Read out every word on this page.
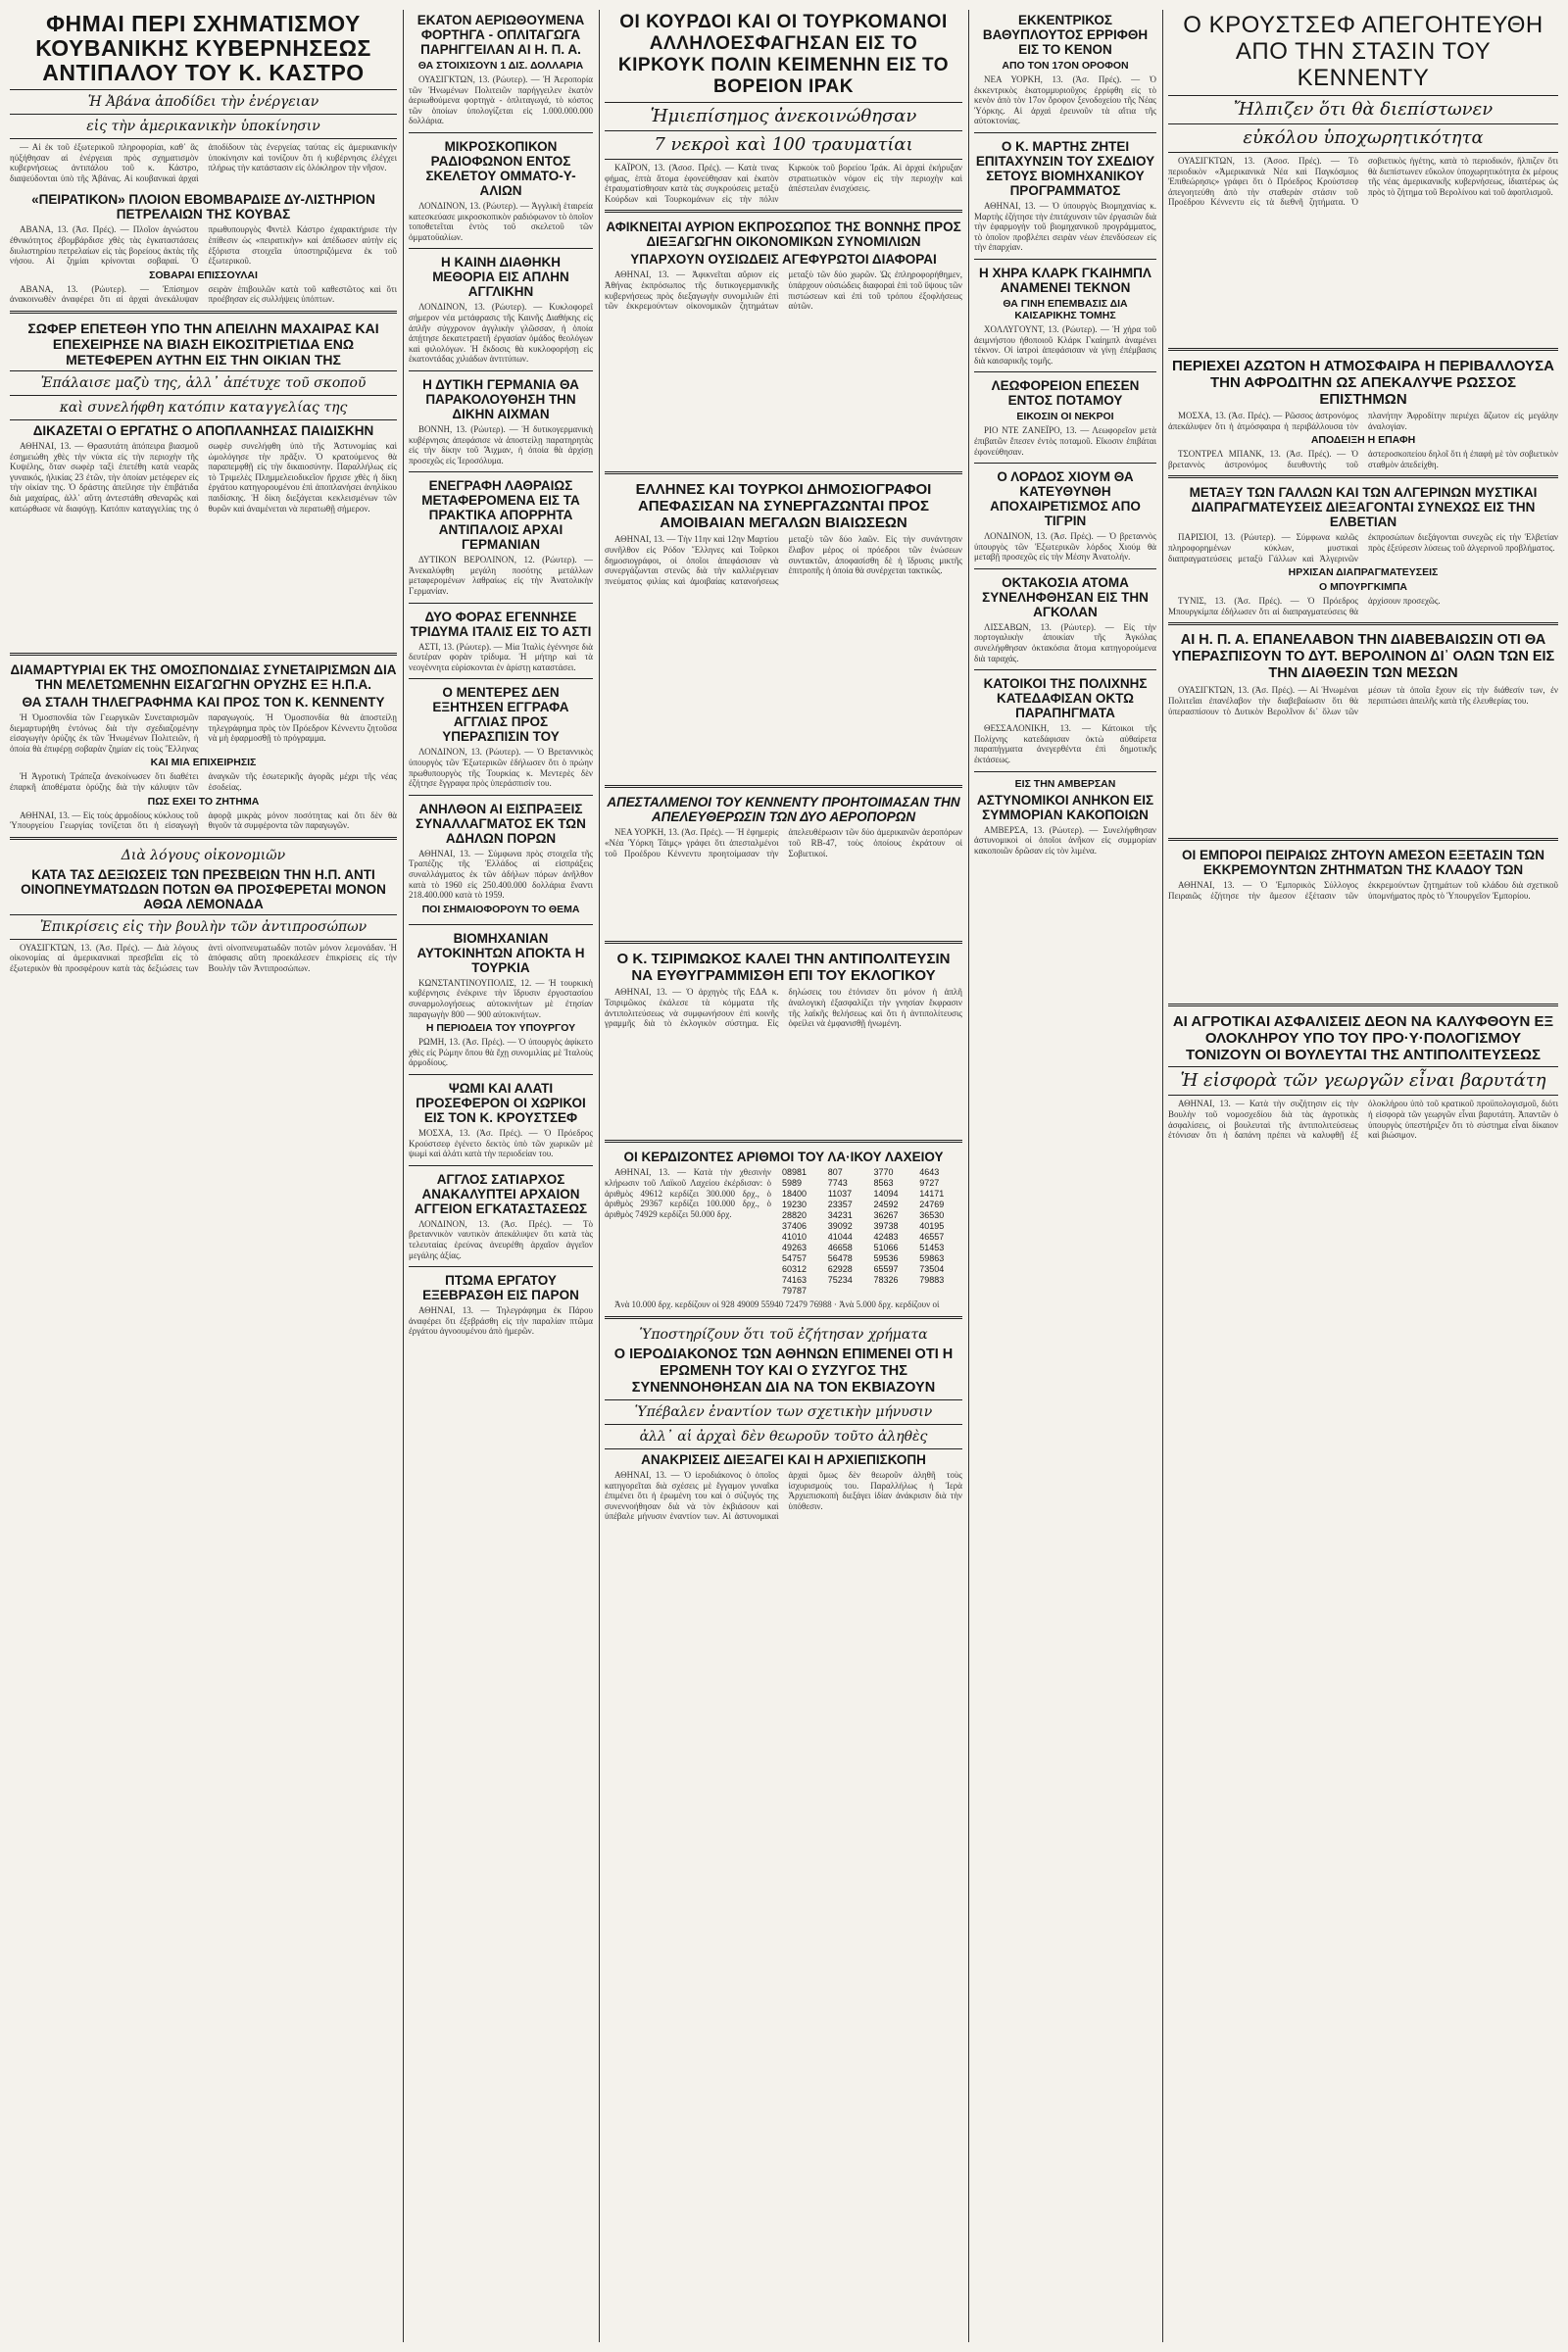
ΦΗΜΑΙ ΠΕΡΙ ΣΧΗΜΑΤΙΣΜΟΥ ΚΟΥΒΑΝΙΚΗΣ ΚΥΒΕΡΝΗΣΕΩΣ ΑΝΤΙΠΑΛΟΥ ΤΟΥ Κ. ΚΑΣΤΡΟ
Ἡ Ἀβάνα ἀποδίδει τὴν ἐνέργειαν
εἰς τὴν ἀμερικανικὴν ὑποκίνησιν
— Αἱ ἐκ τοῦ ἐξωτερικοῦ πληροφορίαι, καθ᾽ ἃς ηὐξήθησαν αἱ ἐνέργειαι πρὸς σχηματισμὸν κυβερνήσεως ἀντιπάλου τοῦ κ. Κάστρο, διαψεύδονται ὑπὸ τῆς Ἀβάνας. Αἱ κουβανικαὶ ἀρχαὶ ἀποδίδουν τὰς ἐνεργείας ταύτας εἰς ἀμερικανικὴν ὑποκίνησιν καὶ τονίζουν ὅτι ἡ κυβέρνησις ἐλέγχει πλήρως τὴν κατάστασιν εἰς ὁλόκληρον τὴν νῆσον.
«ΠΕΙΡΑΤΙΚΟΝ» ΠΛΟΙΟΝ ΕΒΟΜΒΑΡΔΙΣΕ ΔΥ-ΛΙΣΤΗΡΙΟΝ ΠΕΤΡΕΛΑΙΩΝ ΤΗΣ ΚΟΥΒΑΣ
ΑΒΑΝΑ, 13. (Ἀσ. Πρές). — Πλοῖον ἀγνώστου ἐθνικότητος ἐβομβάρδισε χθὲς τὰς ἐγκαταστάσεις διυλιστηρίου πετρελαίων εἰς τὰς βορείους ἀκτὰς τῆς νήσου. Αἱ ζημίαι κρίνονται σοβαραί. Ὁ πρωθυπουργὸς Φιντὲλ Κάστρο ἐχαρακτήρισε τὴν ἐπίθεσιν ὡς «πειρατικὴν» καὶ ἀπέδωσεν αὐτὴν εἰς ἐξόριστα στοιχεῖα ὑποστηριζόμενα ἐκ τοῦ ἐξωτερικοῦ.
ΣΟΒΑΡΑΙ ΕΠΙΣΣΟΥΛΑΙ
ΑΒΑΝΑ, 13. (Ρώυτερ). — Ἐπίσημον ἀνακοινωθὲν ἀναφέρει ὅτι αἱ ἀρχαὶ ἀνεκάλυψαν σειρὰν ἐπιβουλῶν κατὰ τοῦ καθεστῶτος καὶ ὅτι προέβησαν εἰς συλλήψεις ὑπόπτων.
ΣΩΦΕΡ ΕΠΕΤΕΘΗ ΥΠΟ ΤΗΝ ΑΠΕΙΛΗΝ ΜΑΧΑΙΡΑΣ ΚΑΙ ΕΠΕΧΕΙΡΗΣΕ ΝΑ ΒΙΑΣΗ ΕΙΚΟΣΙΤΡΙΕΤΙΔΑ ΕΝΩ ΜΕΤΕΦΕΡΕΝ ΑΥΤΗΝ ΕΙΣ ΤΗΝ ΟΙΚΙΑΝ ΤΗΣ
Ἐπάλαισε μαζὺ της, ἀλλ᾽ ἀπέτυχε τοῦ σκοποῦ
καὶ συνελήφθη κατόπιν καταγγελίας της
ΔΙΚΑΖΕΤΑΙ Ο ΕΡΓΑΤΗΣ Ο ΑΠΟΠΛΑΝΗΣΑΣ ΠΑΙΔΙΣΚΗΝ
ΑΘΗΝΑΙ, 13. — Θρασυτάτη ἀπόπειρα βιασμοῦ ἐσημειώθη χθὲς τὴν νύκτα εἰς τὴν περιοχὴν τῆς Κυψέλης, ὅταν σωφὲρ ταξὶ ἐπετέθη κατὰ νεαρᾶς γυναικός, ἡλικίας 23 ἐτῶν, τὴν ὁποίαν μετέφερεν εἰς τὴν οἰκίαν της. Ὁ δράστης ἀπείλησε τὴν ἐπιβάτιδα διὰ μαχαίρας, ἀλλ᾽ αὕτη ἀντεστάθη σθεναρῶς καὶ κατώρθωσε νὰ διαφύγῃ. Κατόπιν καταγγελίας της ὁ σωφὲρ συνελήφθη ὑπὸ τῆς Ἀστυνομίας καὶ ὡμολόγησε τὴν πρᾶξιν. Ὁ κρατούμενος θὰ παραπεμφθῇ εἰς τὴν δικαιοσύνην. Παραλλήλως εἰς τὸ Τριμελὲς Πλημμελειοδικεῖον ἤρχισε χθὲς ἡ δίκη ἐργάτου κατηγορουμένου ἐπὶ ἀποπλανήσει ἀνηλίκου παιδίσκης. Ἡ δίκη διεξάγεται κεκλεισμένων τῶν θυρῶν καὶ ἀναμένεται νὰ περατωθῇ σήμερον.
ΔΙΑΜΑΡΤΥΡΙΑΙ ΕΚ ΤΗΣ ΟΜΟΣΠΟΝΔΙΑΣ ΣΥΝΕΤΑΙΡΙΣΜΩΝ ΔΙΑ ΤΗΝ ΜΕΛΕΤΩΜΕΝΗΝ ΕΙΣΑΓΩΓΗΝ ΟΡΥΖΗΣ ΕΞ Η.Π.Α.
ΘΑ ΣΤΑΛΗ ΤΗΛΕΓΡΑΦΗΜΑ ΚΑΙ ΠΡΟΣ ΤΟΝ Κ. ΚΕΝΝΕΝΤΥ
Ἡ Ὁμοσπονδία τῶν Γεωργικῶν Συνεταιρισμῶν διεμαρτυρήθη ἐντόνως διὰ τὴν σχεδιαζομένην εἰσαγωγὴν ὀρύζης ἐκ τῶν Ἡνωμένων Πολιτειῶν, ἡ ὁποία θὰ ἐπιφέρῃ σοβαρὰν ζημίαν εἰς τοὺς Ἕλληνας παραγωγούς. Ἡ Ὁμοσπονδία θὰ ἀποστείλῃ τηλεγράφημα πρὸς τὸν Πρόεδρον Κέννεντυ ζητοῦσα νὰ μὴ ἐφαρμοσθῇ τὸ πρόγραμμα.
ΚΑΙ ΜΙΑ ΕΠΙΧΕΙΡΗΣΙΣ
Ἡ Ἀγροτικὴ Τράπεζα ἀνεκοίνωσεν ὅτι διαθέτει ἐπαρκῆ ἀποθέματα ὀρύζης διὰ τὴν κάλυψιν τῶν ἀναγκῶν τῆς ἐσωτερικῆς ἀγορᾶς μέχρι τῆς νέας ἐσοδείας.
ΠΩΣ ΕΧΕΙ ΤΟ ΖΗΤΗΜΑ
ΑΘΗΝΑΙ, 13. — Εἰς τοὺς ἁρμοδίους κύκλους τοῦ Ὑπουργείου Γεωργίας τονίζεται ὅτι ἡ εἰσαγωγὴ ἀφορᾷ μικρὰς μόνον ποσότητας καὶ ὅτι δὲν θὰ θιγοῦν τὰ συμφέροντα τῶν παραγωγῶν.
Διὰ λόγους οἰκονομιῶν
ΚΑΤΑ ΤΑΣ ΔΕΞΙΩΣΕΙΣ ΤΩΝ ΠΡΕΣΒΕΙΩΝ ΤΗΝ Η.Π. ΑΝΤΙ ΟΙΝΟΠΝΕΥΜΑΤΩΔΩΝ ΠΟΤΩΝ ΘΑ ΠΡΟΣΦΕΡΕΤΑΙ ΜΟΝΟΝ ΑΘΩΑ ΛΕΜΟΝΑΔΑ
Ἐπικρίσεις εἰς τὴν βουλὴν τῶν ἀντιπροσώπων
ΟΥΑΣΙΓΚΤΩΝ, 13. (Ἀσ. Πρές). — Διὰ λόγους οἰκονομίας αἱ ἀμερικανικαὶ πρεσβεῖαι εἰς τὸ ἐξωτερικὸν θὰ προσφέρουν κατὰ τὰς δεξιώσεις των ἀντὶ οἰνοπνευματωδῶν ποτῶν μόνον λεμονάδαν. Ἡ ἀπόφασις αὕτη προεκάλεσεν ἐπικρίσεις εἰς τὴν Βουλὴν τῶν Ἀντιπροσώπων.
ΕΚΑΤΟΝ ΑΕΡΙΩΘΟΥΜΕΝΑ ΦΟΡΤΗΓΑ - ΟΠΛΙΤΑΓΩΓΑ ΠΑΡΗΓΓΕΙΛΑΝ ΑΙ Η. Π. Α.
ΘΑ ΣΤΟΙΧΙΣΟΥΝ 1 ΔΙΣ. ΔΟΛΛΑΡΙΑ
ΟΥΑΣΙΓΚΤΩΝ, 13. (Ρώυτερ). — Ἡ Ἀεροπορία τῶν Ἡνωμένων Πολιτειῶν παρήγγειλεν ἑκατὸν ἀεριωθούμενα φορτηγὰ - ὁπλιταγωγά, τὸ κόστος τῶν ὁποίων ὑπολογίζεται εἰς 1.000.000.000 δολλάρια.
ΜΙΚΡΟΣΚΟΠΙΚΟΝ ΡΑΔΙΟΦΩΝΟΝ ΕΝΤΟΣ ΣΚΕΛΕΤΟΥ ΟΜΜΑΤΟ-Υ-ΑΛΙΩΝ
ΛΟΝΔΙΝΟΝ, 13. (Ρώυτερ). — Ἀγγλικὴ ἑταιρεία κατεσκεύασε μικροσκοπικὸν ραδιόφωνον τὸ ὁποῖον τοποθετεῖται ἐντὸς τοῦ σκελετοῦ τῶν ὀμματοϋαλίων.
Η ΚΑΙΝΗ ΔΙΑΘΗΚΗ ΜΕΘΟΡΙΑ ΕΙΣ ΑΠΛΗΝ ΑΓΓΛΙΚΗΝ
ΛΟΝΔΙΝΟΝ, 13. (Ρώυτερ). — Κυκλοφορεῖ σήμερον νέα μετάφρασις τῆς Καινῆς Διαθήκης εἰς ἁπλῆν σύγχρονον ἀγγλικὴν γλῶσσαν, ἡ ὁποία ἀπῄτησε δεκατετραετῆ ἐργασίαν ὁμάδος θεολόγων καὶ φιλολόγων. Ἡ ἔκδοσις θὰ κυκλοφορήσῃ εἰς ἑκατοντάδας χιλιάδων ἀντιτύπων.
Η ΔΥΤΙΚΗ ΓΕΡΜΑΝΙΑ ΘΑ ΠΑΡΑΚΟΛΟΥΘΗΣΗ ΤΗΝ ΔΙΚΗΝ ΑΙΧΜΑΝ
ΒΟΝΝΗ, 13. (Ρώυτερ). — Ἡ δυτικογερμανικὴ κυβέρνησις ἀπεφάσισε νὰ ἀποστείλῃ παρατηρητὰς εἰς τὴν δίκην τοῦ Ἄιχμαν, ἡ ὁποία θὰ ἀρχίσῃ προσεχῶς εἰς Ἱεροσόλυμα.
ΕΝΕΓΡΑΦΗ ΛΑΘΡΑΙΩΣ ΜΕΤΑΦΕΡΟΜΕΝΑ ΕΙΣ ΤΑ ΠΡΑΚΤΙΚΑ ΑΠΟΡΡΗΤΑ ΑΝΤΙΠΑΛΟΙΣ ΑΡΧΑΙ ΓΕΡΜΑΝΙΑΝ
ΔΥΤΙΚΟΝ ΒΕΡΟΛΙΝΟΝ, 12. (Ρώυτερ). — Ἀνεκαλύφθη μεγάλη ποσότης μετάλλων μεταφερομένων λαθραίως εἰς τὴν Ἀνατολικὴν Γερμανίαν.
ΔΥΟ ΦΟΡΑΣ ΕΓΕΝΝΗΣΕ ΤΡΙΔΥΜΑ ΙΤΑΛΙΣ ΕΙΣ ΤΟ ΑΣΤΙ
ΑΣΤΙ, 13. (Ρώυτερ). — Μία Ἰταλὶς ἐγέννησε διὰ δευτέραν φορὰν τρίδυμα. Ἡ μήτηρ καὶ τὰ νεογέννητα εὑρίσκονται ἐν ἀρίστῃ καταστάσει.
Ο ΜΕΝΤΕΡΕΣ ΔΕΝ ΕΞΗΤΗΣΕΝ ΕΓΓΡΑΦΑ ΑΓΓΛΙΑΣ ΠΡΟΣ ΥΠΕΡΑΣΠΙΣΙΝ ΤΟΥ
ΛΟΝΔΙΝΟΝ, 13. (Ρώυτερ). — Ὁ Βρεταννικὸς ὑπουργὸς τῶν Ἐξωτερικῶν ἐδήλωσεν ὅτι ὁ πρώην πρωθυπουργὸς τῆς Τουρκίας κ. Μεντερὲς δὲν ἐζήτησε ἔγγραφα πρὸς ὑπεράσπισίν του.
ΑΝΗΛΘΟΝ ΑΙ ΕΙΣΠΡΑΞΕΙΣ ΣΥΝΑΛΛΑΓΜΑΤΟΣ ΕΚ ΤΩΝ ΑΔΗΛΩΝ ΠΟΡΩΝ
ΑΘΗΝΑΙ, 13. — Σύμφωνα πρὸς στοιχεῖα τῆς Τραπέζης τῆς Ἑλλάδος αἱ εἰσπράξεις συναλλάγματος ἐκ τῶν ἀδήλων πόρων ἀνῆλθον κατὰ τὸ 1960 εἰς 250.400.000 δολλάρια ἔναντι 218.400.000 κατὰ τὸ 1959.
ΠΟΙ ΣΗΜΑΙΟΦΟΡΟΥΝ ΤΟ ΘΕΜΑ
ΒΙΟΜΗΧΑΝΙΑΝ ΑΥΤΟΚΙΝΗΤΩΝ ΑΠΟΚΤΑ Η ΤΟΥΡΚΙΑ
ΚΩΝΣΤΑΝΤΙΝΟΥΠΟΛΙΣ, 12. — Ἡ τουρκικὴ κυβέρνησις ἐνέκρινε τὴν ἵδρυσιν ἐργοστασίου συναρμολογήσεως αὐτοκινήτων μὲ ἐτησίαν παραγωγὴν 800 — 900 αὐτοκινήτων.
Η ΠΕΡΙΟΔΕΙΑ ΤΟΥ ΥΠΟΥΡΓΟΥ
ΡΩΜΗ, 13. (Ἀσ. Πρές). — Ὁ ὑπουργὸς ἀφίκετο χθὲς εἰς Ρώμην ὅπου θὰ ἔχῃ συνομιλίας μὲ Ἰταλοὺς ἀρμοδίους.
ΨΩΜΙ ΚΑΙ ΑΛΑΤΙ ΠΡΟΣΕΦΕΡΟΝ ΟΙ ΧΩΡΙΚΟΙ ΕΙΣ ΤΟΝ Κ. ΚΡΟΥΣΤΣΕΦ
ΜΟΣΧΑ, 13. (Ἀσ. Πρές). — Ὁ Πρόεδρος Κρούστσεφ ἐγένετο δεκτὸς ὑπὸ τῶν χωρικῶν μὲ ψωμὶ καὶ ἁλάτι κατὰ τὴν περιοδείαν του.
ΑΓΓΛΟΣ ΣΑΤΙΑΡΧΟΣ ΑΝΑΚΑΛΥΠΤΕΙ ΑΡΧΑΙΟΝ ΑΓΓΕΙΟΝ ΕΓΚΑΤΑΣΤΑΣΕΩΣ
ΛΟΝΔΙΝΟΝ, 13. (Ἀσ. Πρές). — Τὸ βρεταννικὸν ναυτικὸν ἀπεκάλυψεν ὅτι κατὰ τὰς τελευταίας ἐρεύνας ἀνευρέθη ἀρχαῖον ἀγγεῖον μεγάλης ἀξίας.
ΠΤΩΜΑ ΕΡΓΑΤΟΥ ΕΞΕΒΡΑΣΘΗ ΕΙΣ ΠΑΡΟΝ
ΑΘΗΝΑΙ, 13. — Τηλεγράφημα ἐκ Πάρου ἀναφέρει ὅτι ἐξεβράσθη εἰς τὴν παραλίαν πτῶμα ἐργάτου ἀγνοουμένου ἀπὸ ἡμερῶν.
ΟΙ ΚΟΥΡΔΟΙ ΚΑΙ ΟΙ ΤΟΥΡΚΟΜΑΝΟΙ ΑΛΛΗΛΟΕΣΦΑΓΗΣΑΝ ΕΙΣ ΤΟ ΚΙΡΚΟΥΚ ΠΟΛΙΝ ΚΕΙΜΕΝΗΝ ΕΙΣ ΤΟ ΒΟΡΕΙΟΝ ΙΡΑΚ
Ἡμιεπίσημος ἀνεκοινώθησαν
7 νεκροὶ καὶ 100 τραυματίαι
ΚΑΪΡΟΝ, 13. (Ἀσοσ. Πρές). — Κατὰ τινας φήμας, ἑπτὰ ἄτομα ἐφονεύθησαν καὶ ἑκατὸν ἐτραυματίσθησαν κατὰ τὰς συγκρούσεις μεταξὺ Κούρδων καὶ Τουρκομάνων εἰς τὴν πόλιν Κιρκοὺκ τοῦ βορείου Ἰράκ. Αἱ ἀρχαὶ ἐκήρυξαν στρατιωτικὸν νόμον εἰς τὴν περιοχὴν καὶ ἀπέστειλαν ἐνισχύσεις.
ΑΦΙΚΝΕΙΤΑΙ ΑΥΡΙΟΝ ΕΚΠΡΟΣΩΠΟΣ ΤΗΣ ΒΟΝΝΗΣ ΠΡΟΣ ΔΙΕΞΑΓΩΓΗΝ ΟΙΚΟΝΟΜΙΚΩΝ ΣΥΝΟΜΙΛΙΩΝ
ΥΠΑΡΧΟΥΝ ΟΥΣΙΩΔΕΙΣ ΑΓΕΦΥΡΩΤΟΙ ΔΙΑΦΟΡΑΙ
ΑΘΗΝΑΙ, 13. — Ἀφικνεῖται αὔριον εἰς Ἀθήνας ἐκπρόσωπος τῆς δυτικογερμανικῆς κυβερνήσεως πρὸς διεξαγωγὴν συνομιλιῶν ἐπὶ τῶν ἐκκρεμούντων οἰκονομικῶν ζητημάτων μεταξὺ τῶν δύο χωρῶν. Ὡς ἐπληροφορήθημεν, ὑπάρχουν οὐσιώδεις διαφοραὶ ἐπὶ τοῦ ὕψους τῶν πιστώσεων καὶ ἐπὶ τοῦ τρόπου ἐξοφλήσεως αὐτῶν.
ΕΛΛΗΝΕΣ ΚΑΙ ΤΟΥΡΚΟΙ ΔΗΜΟΣΙΟΓΡΑΦΟΙ ΑΠΕΦΑΣΙΣΑΝ ΝΑ ΣΥΝΕΡΓΑΖΩΝΤΑΙ ΠΡΟΣ ΑΜΟΙΒΑΙΑΝ ΜΕΓΑΛΩΝ ΒΙΑΙΩΣΕΩΝ
ΑΘΗΝΑΙ, 13. — Τὴν 11ην καὶ 12ην Μαρτίου συνῆλθον εἰς Ρόδον Ἕλληνες καὶ Τοῦρκοι δημοσιογράφοι, οἱ ὁποῖοι ἀπεφάσισαν νὰ συνεργάζωνται στενῶς διὰ τὴν καλλιέργειαν πνεύματος φιλίας καὶ ἀμοιβαίας κατανοήσεως μεταξὺ τῶν δύο λαῶν. Εἰς τὴν συνάντησιν ἔλαβον μέρος οἱ πρόεδροι τῶν ἑνώσεων συντακτῶν, ἀποφασίσθη δὲ ἡ ἵδρυσις μικτῆς ἐπιτροπῆς ἡ ὁποία θὰ συνέρχεται τακτικῶς.
ΑΠΕΣΤΑΛΜΕΝΟΙ ΤΟΥ ΚΕΝΝΕΝΤΥ ΠΡΟΗΤΟΙΜΑΣΑΝ ΤΗΝ ΑΠΕΛΕΥΘΕΡΩΣΙΝ ΤΩΝ ΔΥΟ ΑΕΡΟΠΟΡΩΝ
ΝΕΑ ΥΟΡΚΗ, 13. (Ἀσ. Πρές). — Ἡ ἐφημερὶς «Νέα Ὑόρκη Τάιμς» γράφει ὅτι ἀπεσταλμένοι τοῦ Προέδρου Κέννεντυ προητοίμασαν τὴν ἀπελευθέρωσιν τῶν δύο ἀμερικανῶν ἀεροπόρων τοῦ RB-47, τοὺς ὁποίους ἐκράτουν οἱ Σοβιετικοί.
Ο Κ. ΤΣΙΡΙΜΩΚΟΣ ΚΑΛΕΙ ΤΗΝ ΑΝΤΙΠΟΛΙΤΕΥΣΙΝ ΝΑ ΕΥΘΥΓΡΑΜΜΙΣΘΗ ΕΠΙ ΤΟΥ ΕΚΛΟΓΙΚΟΥ
ΑΘΗΝΑΙ, 13. — Ὁ ἀρχηγὸς τῆς ΕΔΑ κ. Τσιριμῶκος ἐκάλεσε τὰ κόμματα τῆς ἀντιπολιτεύσεως νὰ συμφωνήσουν ἐπὶ κοινῆς γραμμῆς διὰ τὸ ἐκλογικὸν σύστημα. Εἰς δηλώσεις του ἐτόνισεν ὅτι μόνον ἡ ἁπλῆ ἀναλογικὴ ἐξασφαλίζει τὴν γνησίαν ἔκφρασιν τῆς λαϊκῆς θελήσεως καὶ ὅτι ἡ ἀντιπολίτευσις ὀφείλει νὰ ἐμφανισθῇ ἡνωμένη.
ΟΙ ΚΕΡΔΙΖΟΝΤΕΣ ΑΡΙΘΜΟΙ ΤΟΥ ΛΑ·ΙΚΟΥ ΛΑΧΕΙΟΥ
ΑΘΗΝΑΙ, 13. — Κατὰ τὴν χθεσινὴν κλήρωσιν τοῦ Λαϊκοῦ Λαχείου ἐκέρδισαν: ὁ ἀριθμὸς 49612 κερδίζει 300.000 δρχ., ὁ ἀριθμὸς 29367 κερδίζει 100.000 δρχ., ὁ ἀριθμὸς 74929 κερδίζει 50.000 δρχ.
08981	807	3770	4643
5989	7743	8563	9727
18400	11037	14094	14171
19230	23357	24592	24769
28820	34231	36267	36530
37406	39092	39738	40195
41010	41044	42483	46557
49263	46658	51066	51453
54757	56478	59536	59863
60312	62928	65597	73504
74163	75234	78326	79883
79787			
Ἀνὰ 10.000 δρχ. κερδίζουν οἱ 928 49009 55940 72479 76988 · Ἀνὰ 5.000 δρχ. κερδίζουν οἱ
Ὑποστηρίζουν ὅτι τοῦ ἐζήτησαν χρήματα
Ο ΙΕΡΟΔΙΑΚΟΝΟΣ ΤΩΝ ΑΘΗΝΩΝ ΕΠΙΜΕΝΕΙ ΟΤΙ Η ΕΡΩΜΕΝΗ ΤΟΥ ΚΑΙ Ο ΣΥΖΥΓΟΣ ΤΗΣ ΣΥΝΕΝΝΟΗΘΗΣΑΝ ΔΙΑ ΝΑ ΤΟΝ ΕΚΒΙΑΖΟΥΝ
Ὑπέβαλεν ἐναντίον των σχετικὴν μήνυσιν
ἀλλ᾽ αἱ ἀρχαὶ δὲν θεωροῦν τοῦτο ἀληθὲς
ΑΝΑΚΡΙΣΕΙΣ ΔΙΕΞΑΓΕΙ ΚΑΙ Η ΑΡΧΙΕΠΙΣΚΟΠΗ
ΑΘΗΝΑΙ, 13. — Ὁ ἱεροδιάκονος ὁ ὁποῖος κατηγορεῖται διὰ σχέσεις μὲ ἔγγαμον γυναῖκα ἐπιμένει ὅτι ἡ ἐρωμένη του καὶ ὁ σύζυγός της συνεννοήθησαν διὰ νὰ τὸν ἐκβιάσουν καὶ ὑπέβαλε μήνυσιν ἐναντίον των. Αἱ ἀστυνομικαὶ ἀρχαὶ ὅμως δὲν θεωροῦν ἀληθῆ τοὺς ἰσχυρισμοὺς του. Παραλλήλως ἡ Ἱερὰ Ἀρχιεπισκοπὴ διεξάγει ἰδίαν ἀνάκρισιν διὰ τὴν ὑπόθεσιν.
ΕΚΚΕΝΤΡΙΚΟΣ ΒΑΘΥΠΛΟΥΤΟΣ ΕΡΡΙΦΘΗ ΕΙΣ ΤΟ ΚΕΝΟΝ
ΑΠΟ ΤΟΝ 17ΟΝ ΟΡΟΦΟΝ
ΝΕΑ ΥΟΡΚΗ, 13. (Ἀσ. Πρές). — Ὁ ἐκκεντρικὸς ἑκατομμυριοῦχος ἐρρίφθη εἰς τὸ κενὸν ἀπὸ τὸν 17ον ὄροφον ξενοδοχείου τῆς Νέας Ὑόρκης. Αἱ ἀρχαὶ ἐρευνοῦν τὰ αἴτια τῆς αὐτοκτονίας.
Ο Κ. ΜΑΡΤΗΣ ΖΗΤΕΙ ΕΠΙΤΑΧΥΝΣΙΝ ΤΟΥ ΣΧΕΔΙΟΥ ΣΕΤΟΥΣ ΒΙΟΜΗΧΑΝΙΚΟΥ ΠΡΟΓΡΑΜΜΑΤΟΣ
ΑΘΗΝΑΙ, 13. — Ὁ ὑπουργὸς Βιομηχανίας κ. Μαρτὴς ἐζήτησε τὴν ἐπιτάχυνσιν τῶν ἐργασιῶν διὰ τὴν ἐφαρμογὴν τοῦ βιομηχανικοῦ προγράμματος, τὸ ὁποῖον προβλέπει σειρὰν νέων ἐπενδύσεων εἰς τὴν ἐπαρχίαν.
Η ΧΗΡΑ ΚΛΑΡΚ ΓΚΑΙΗΜΠΛ ΑΝΑΜΕΝΕΙ ΤΕΚΝΟΝ
ΘΑ ΓΙΝΗ ΕΠΕΜΒΑΣΙΣ ΔΙΑ ΚΑΙΣΑΡΙΚΗΣ ΤΟΜΗΣ
ΧΟΛΛΥΓΟΥΝΤ, 13. (Ρώυτερ). — Ἡ χήρα τοῦ ἀειμνήστου ἠθοποιοῦ Κλάρκ Γκαίημπλ ἀναμένει τέκνον. Οἱ ἰατροὶ ἀπεφάσισαν νὰ γίνῃ ἐπέμβασις διὰ καισαρικῆς τομῆς.
ΛΕΩΦΟΡΕΙΟΝ ΕΠΕΣΕΝ ΕΝΤΟΣ ΠΟΤΑΜΟΥ
ΕΙΚΟΣΙΝ ΟΙ ΝΕΚΡΟΙ
ΡΙΟ ΝΤΕ ΖΑΝΕΪΡΟ, 13. — Λεωφορεῖον μετὰ ἐπιβατῶν ἔπεσεν ἐντὸς ποταμοῦ. Εἴκοσιν ἐπιβάται ἐφονεύθησαν.
Ο ΛΟΡΔΟΣ ΧΙΟΥΜ ΘΑ ΚΑΤΕΥΘΥΝΘΗ ΑΠΟΧΑΙΡΕΤΙΣΜΟΣ ΑΠΟ ΤΙΓΡΙΝ
ΛΟΝΔΙΝΟΝ, 13. (Ἀσ. Πρές). — Ὁ βρεταννὸς ὑπουργὸς τῶν Ἐξωτερικῶν λόρδος Χιούμ θὰ μεταβῇ προσεχῶς εἰς τὴν Μέσην Ἀνατολήν.
ΟΚΤΑΚΟΣΙΑ ΑΤΟΜΑ ΣΥΝΕΛΗΦΘΗΣΑΝ ΕΙΣ ΤΗΝ ΑΓΚΟΛΑΝ
ΛΙΣΣΑΒΩΝ, 13. (Ρώυτερ). — Εἰς τὴν πορτογαλικὴν ἀποικίαν τῆς Ἀγκόλας συνελήφθησαν ὀκτακόσια ἄτομα κατηγορούμενα διὰ ταραχάς.
ΚΑΤΟΙΚΟΙ ΤΗΣ ΠΟΛΙΧΝΗΣ ΚΑΤΕΔΑΦΙΣΑΝ ΟΚΤΩ ΠΑΡΑΠΗΓΜΑΤΑ
ΘΕΣΣΑΛΟΝΙΚΗ, 13. — Κάτοικοι τῆς Πολίχνης κατεδάφισαν ὀκτὼ αὐθαίρετα παραπήγματα ἀνεγερθέντα ἐπὶ δημοτικῆς ἐκτάσεως.
ΕΙΣ ΤΗΝ ΑΜΒΕΡΣΑΝ
ΑΣΤΥΝΟΜΙΚΟΙ ΑΝΗΚΟΝ ΕΙΣ ΣΥΜΜΟΡΙΑΝ ΚΑΚΟΠΟΙΩΝ
ΑΜΒΕΡΣΑ, 13. (Ρώυτερ). — Συνελήφθησαν ἀστυνομικοὶ οἱ ὁποῖοι ἀνῆκον εἰς συμμορίαν κακοποιῶν δρῶσαν εἰς τὸν λιμένα.
Ο ΚΡΟΥΣΤΣΕΦ ΑΠΕΓΟΗΤΕΥΘΗ ΑΠΟ ΤΗΝ ΣΤΑΣΙΝ ΤΟΥ ΚΕΝΝΕΝΤΥ
Ἤλπιζεν ὅτι θὰ διεπίστωνεν
εὐκόλου ὑποχωρητικότητα
ΟΥΑΣΙΓΚΤΩΝ, 13. (Ἀσοσ. Πρές). — Τὸ περιοδικὸν «Ἀμερικανικὰ Νέα καὶ Παγκόσμιος Ἐπιθεώρησις» γράφει ὅτι ὁ Πρόεδρος Κρούστσεφ ἀπεγοητεύθη ἀπὸ τὴν σταθερὰν στάσιν τοῦ Προέδρου Κέννεντυ εἰς τὰ διεθνῆ ζητήματα. Ὁ σοβιετικὸς ἡγέτης, κατὰ τὸ περιοδικόν, ἤλπιζεν ὅτι θὰ διεπίστωνεν εὔκολον ὑποχωρητικότητα ἐκ μέρους τῆς νέας ἀμερικανικῆς κυβερνήσεως, ἰδιαιτέρως ὡς πρὸς τὸ ζήτημα τοῦ Βερολίνου καὶ τοῦ ἀφοπλισμοῦ.
ΠΕΡΙΕΧΕΙ ΑΖΩΤΟΝ Η ΑΤΜΟΣΦΑΙΡΑ Η ΠΕΡΙΒΑΛΛΟΥΣΑ ΤΗΝ ΑΦΡΟΔΙΤΗΝ ΩΣ ΑΠΕΚΑΛΥΨΕ ΡΩΣΣΟΣ ΕΠΙΣΤΗΜΩΝ
ΜΟΣΧΑ, 13. (Ἀσ. Πρές). — Ρῶσσος ἀστρονόμος ἀπεκάλυψεν ὅτι ἡ ἀτμόσφαιρα ἡ περιβάλλουσα τὸν πλανήτην Ἀφροδίτην περιέχει ἄζωτον εἰς μεγάλην ἀναλογίαν.
ΑΠΟΔΕΙΞΗ Η ΕΠΑΦΗ
ΤΣΟΝΤΡΕΛ ΜΠΑΝΚ, 13. (Ἀσ. Πρές). — Ὁ βρεταννὸς ἀστρονόμος διευθυντὴς τοῦ ἀστεροσκοπείου δηλοῖ ὅτι ἡ ἐπαφὴ μὲ τὸν σοβιετικὸν σταθμὸν ἀπεδείχθη.
ΜΕΤΑΞΥ ΤΩΝ ΓΑΛΛΩΝ ΚΑΙ ΤΩΝ ΑΛΓΕΡΙΝΩΝ ΜΥΣΤΙΚΑΙ ΔΙΑΠΡΑΓΜΑΤΕΥΣΕΙΣ ΔΙΕΞΑΓΟΝΤΑΙ ΣΥΝΕΧΩΣ ΕΙΣ ΤΗΝ ΕΛΒΕΤΙΑΝ
ΠΑΡΙΣΙΟΙ, 13. (Ρώυτερ). — Σύμφωνα καλῶς πληροφορημένων κύκλων, μυστικαὶ διαπραγματεύσεις μεταξὺ Γάλλων καὶ Ἀλγερινῶν ἐκπροσώπων διεξάγονται συνεχῶς εἰς τὴν Ἑλβετίαν πρὸς ἐξεύρεσιν λύσεως τοῦ ἀλγερινοῦ προβλήματος.
ΗΡΧΙΣΑΝ ΔΙΑΠΡΑΓΜΑΤΕΥΣΕΙΣ
Ο ΜΠΟΥΡΓΚΙΜΠΑ
ΤΥΝΙΣ, 13. (Ἀσ. Πρές). — Ὁ Πρόεδρος Μπουργκίμπα ἐδήλωσεν ὅτι αἱ διαπραγματεύσεις θὰ ἀρχίσουν προσεχῶς.
ΑΙ Η. Π. Α. ΕΠΑΝΕΛΑΒΟΝ ΤΗΝ ΔΙΑΒΕΒΑΙΩΣΙΝ ΟΤΙ ΘΑ ΥΠΕΡΑΣΠΙΣΟΥΝ ΤΟ ΔΥΤ. ΒΕΡΟΛΙΝΟΝ ΔΙ᾽ ΟΛΩΝ ΤΩΝ ΕΙΣ ΤΗΝ ΔΙΑΘΕΣΙΝ ΤΩΝ ΜΕΣΩΝ
ΟΥΑΣΙΓΚΤΩΝ, 13. (Ἀσ. Πρές). — Αἱ Ἡνωμέναι Πολιτεῖαι ἐπανέλαβον τὴν διαβεβαίωσιν ὅτι θὰ ὑπερασπίσουν τὸ Δυτικὸν Βερολῖνον δι᾽ ὅλων τῶν μέσων τὰ ὁποῖα ἔχουν εἰς τὴν διάθεσίν των, ἐν περιπτώσει ἀπειλῆς κατὰ τῆς ἐλευθερίας του.
ΟΙ ΕΜΠΟΡΟΙ ΠΕΙΡΑΙΩΣ ΖΗΤΟΥΝ ΑΜΕΣΟΝ ΕΞΕΤΑΣΙΝ ΤΩΝ ΕΚΚΡΕΜΟΥΝΤΩΝ ΖΗΤΗΜΑΤΩΝ ΤΗΣ ΚΛΑΔΟΥ ΤΩΝ
ΑΘΗΝΑΙ, 13. — Ὁ Ἐμπορικὸς Σύλλογος Πειραιῶς ἐζήτησε τὴν ἄμεσον ἐξέτασιν τῶν ἐκκρεμούντων ζητημάτων τοῦ κλάδου διὰ σχετικοῦ ὑπομνήματος πρὸς τὸ Ὑπουργεῖον Ἐμπορίου.
ΑΙ ΑΓΡΟΤΙΚΑΙ ΑΣΦΑΛΙΣΕΙΣ ΔΕΟΝ ΝΑ ΚΑΛΥΦΘΟΥΝ ΕΞ ΟΛΟΚΛΗΡΟΥ ΥΠΟ ΤΟΥ ΠΡΟ·Υ·ΠΟΛΟΓΙΣΜΟΥ ΤΟΝΙΖΟΥΝ ΟΙ ΒΟΥΛΕΥΤΑΙ ΤΗΣ ΑΝΤΙΠΟΛΙΤΕΥΣΕΩΣ
Ἡ εἰσφορὰ τῶν γεωργῶν εἶναι βαρυτάτη
ΑΘΗΝΑΙ, 13. — Κατὰ τὴν συζήτησιν εἰς τὴν Βουλὴν τοῦ νομοσχεδίου διὰ τὰς ἀγροτικὰς ἀσφαλίσεις, οἱ βουλευταὶ τῆς ἀντιπολιτεύσεως ἐτόνισαν ὅτι ἡ δαπάνη πρέπει νὰ καλυφθῇ ἐξ ὁλοκλήρου ὑπὸ τοῦ κρατικοῦ προϋπολογισμοῦ, διότι ἡ εἰσφορὰ τῶν γεωργῶν εἶναι βαρυτάτη. Ἀπαντῶν ὁ ὑπουργὸς ὑπεστήριξεν ὅτι τὸ σύστημα εἶναι δίκαιον καὶ βιώσιμον.
